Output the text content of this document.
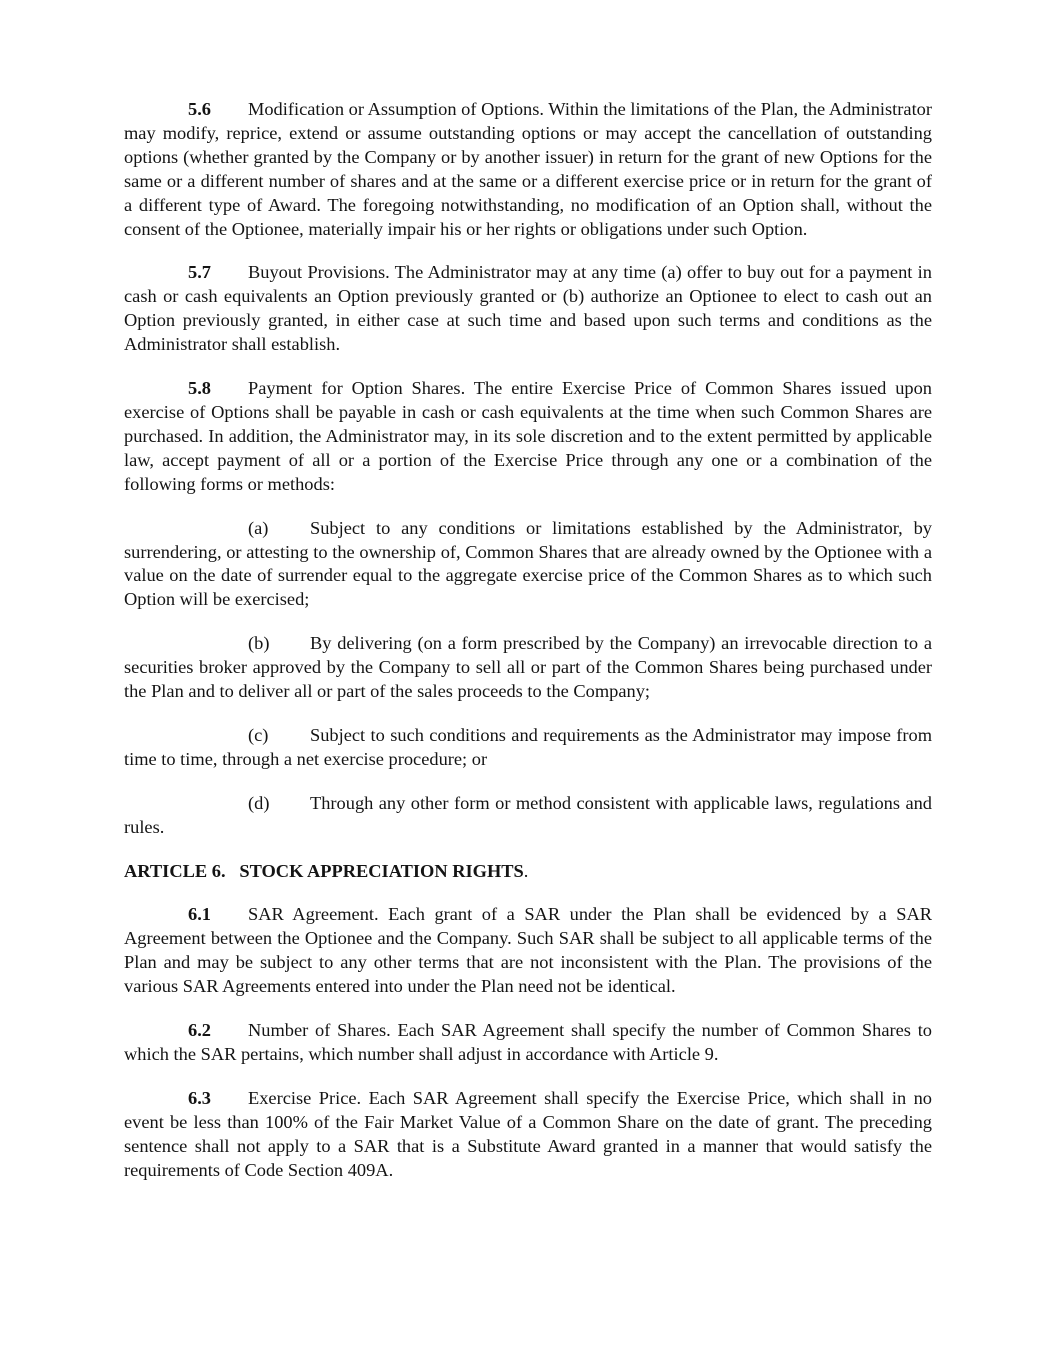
5.6 Modification or Assumption of Options. Within the limitations of the Plan, the Administrator may modify, reprice, extend or assume outstanding options or may accept the cancellation of outstanding options (whether granted by the Company or by another issuer) in return for the grant of new Options for the same or a different number of shares and at the same or a different exercise price or in return for the grant of a different type of Award. The foregoing notwithstanding, no modification of an Option shall, without the consent of the Optionee, materially impair his or her rights or obligations under such Option.

5.7 Buyout Provisions. The Administrator may at any time (a) offer to buy out for a payment in cash or cash equivalents an Option previously granted or (b) authorize an Optionee to elect to cash out an Option previously granted, in either case at such time and based upon such terms and conditions as the Administrator shall establish.

5.8 Payment for Option Shares. The entire Exercise Price of Common Shares issued upon exercise of Options shall be payable in cash or cash equivalents at the time when such Common Shares are purchased. In addition, the Administrator may, in its sole discretion and to the extent permitted by applicable law, accept payment of all or a portion of the Exercise Price through any one or a combination of the following forms or methods:

(a) Subject to any conditions or limitations established by the Administrator, by surrendering, or attesting to the ownership of, Common Shares that are already owned by the Optionee with a value on the date of surrender equal to the aggregate exercise price of the Common Shares as to which such Option will be exercised;

(b) By delivering (on a form prescribed by the Company) an irrevocable direction to a securities broker approved by the Company to sell all or part of the Common Shares being purchased under the Plan and to deliver all or part of the sales proceeds to the Company;

(c) Subject to such conditions and requirements as the Administrator may impose from time to time, through a net exercise procedure; or

(d) Through any other form or method consistent with applicable laws, regulations and rules.

ARTICLE 6.   STOCK APPRECIATION RIGHTS.

6.1 SAR Agreement. Each grant of a SAR under the Plan shall be evidenced by a SAR Agreement between the Optionee and the Company. Such SAR shall be subject to all applicable terms of the Plan and may be subject to any other terms that are not inconsistent with the Plan. The provisions of the various SAR Agreements entered into under the Plan need not be identical.

6.2 Number of Shares. Each SAR Agreement shall specify the number of Common Shares to which the SAR pertains, which number shall adjust in accordance with Article 9.

6.3 Exercise Price. Each SAR Agreement shall specify the Exercise Price, which shall in no event be less than 100% of the Fair Market Value of a Common Share on the date of grant. The preceding sentence shall not apply to a SAR that is a Substitute Award granted in a manner that would satisfy the requirements of Code Section 409A.
